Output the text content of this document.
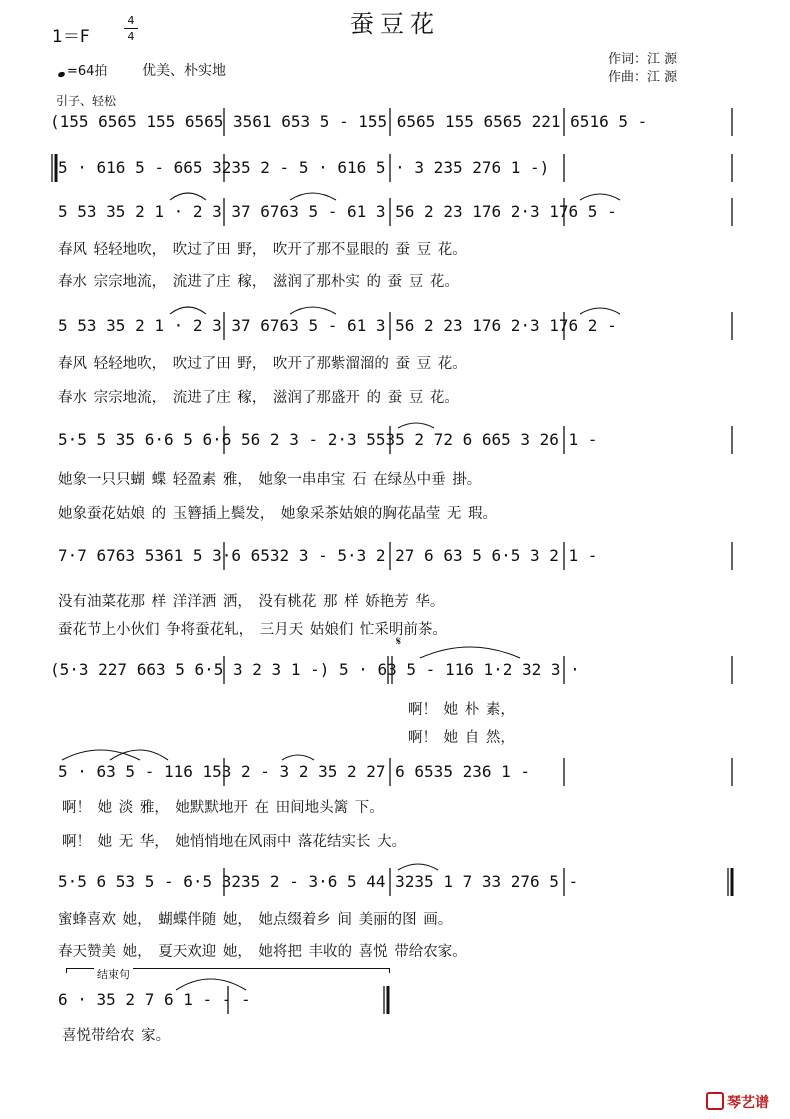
蚕豆花
1＝F
4
4
=64拍 优美、朴实地
作词：江 源
作曲：江 源
引子、轻松
(155 6565 155 6565 3561 653 5 - 155 6565 155 6565 221 6516 5 -
5 · 616 5 - 665 3235 2 - 5 · 616 5 · 3 235 276 1 -)
5 53 35 2 1 · 2 3 37 6763 5 - 61 3 56 2 23 176 2·3 176 5 -
5 53 35 2 1 · 2 3 37 6763 5 - 61 3 56 2 23 176 2·3 176 2 -
5·5 5 35 6·6 5 6·6 56 2 3 - 2·3 5535 2 72 6 665 3 26 1 -
7·7 6763 5361 5 3·6 6532 3 - 5·3 2 27 6 63 5 6·5 3 2 1 -
(5·3 227 663 5 6·5 3 2 3 1 -) 5 · 63 5 - 116 1·2 32 3 ·
5 · 63 5 - 116 153 2 - 3 2 35 2 27 6 6535 236 1 -
5·5 6 53 5 - 6·5 3235 2 - 3·6 5 44 3235 1 7 33 276 5 -
6 · 35 2 7 6 1 - - -
春风 轻轻地吹， 吹过了田 野， 吹开了那不显眼的 蚕 豆 花。
春水 宗宗地流， 流进了庄 稼， 滋润了那朴实 的 蚕 豆 花。
春风 轻轻地吹， 吹过了田 野， 吹开了那紫溜溜的 蚕 豆 花。
春水 宗宗地流， 流进了庄 稼， 滋润了那盛开 的 蚕 豆 花。
她象一只只蝴 蝶 轻盈素 雅， 她象一串串宝 石 在绿丛中垂 掛。
她象蚕花姑娘 的 玉簪插上鬓发， 她象采茶姑娘的胸花晶莹 无 瑕。
没有油菜花那 样 洋洋洒 洒， 没有桃花 那 样 娇艳芳 华。
蚕花节上小伙们 争将蚕花轧， 三月天 姑娘们 忙采明前茶。
啊！ 她 朴 素，
啊！ 她 自 然，
啊！ 她 淡 雅， 她默默地开 在 田间地头篱 下。
啊！ 她 无 华， 她悄悄地在风雨中 落花结实长 大。
蜜蜂喜欢 她， 蝴蝶伴随 她， 她点缀着乡 间 美丽的图 画。
春天赞美 她， 夏天欢迎 她， 她将把 丰收的 喜悦 带给农家。
喜悦带给农 家。
𝄋
结束句
琴艺谱
